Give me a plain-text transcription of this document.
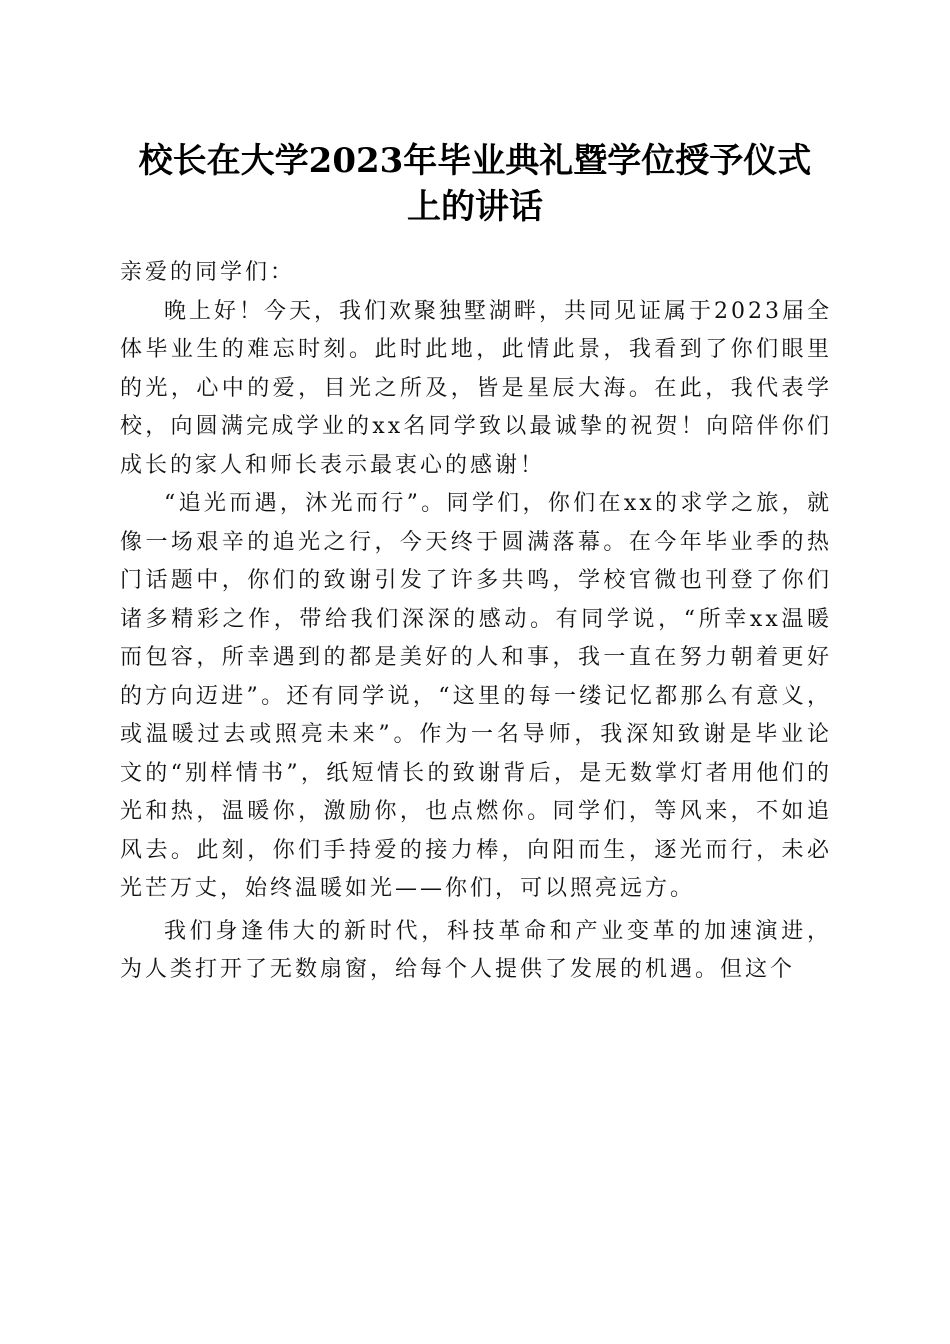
校长在大学2023年毕业典礼暨学位授予仪式
上的讲话

亲爱的同学们：

晚上好！今天，我们欢聚独墅湖畔，共同见证属于2023届全体毕业生的难忘时刻。此时此地，此情此景，我看到了你们眼里的光，心中的爱，目光之所及，皆是星辰大海。在此，我代表学校，向圆满完成学业的xx名同学致以最诚挚的祝贺！向陪伴你们成长的家人和师长表示最衷心的感谢！

“追光而遇，沐光而行”。同学们，你们在xx的求学之旅，就像一场艰辛的追光之行，今天终于圆满落幕。在今年毕业季的热门话题中，你们的致谢引发了许多共鸣，学校官微也刊登了你们诸多精彩之作，带给我们深深的感动。有同学说，“所幸xx温暖而包容，所幸遇到的都是美好的人和事，我一直在努力朝着更好的方向迈进”。还有同学说，“这里的每一缕记忆都那么有意义，或温暖过去或照亮未来”。作为一名导师，我深知致谢是毕业论文的“别样情书”，纸短情长的致谢背后，是无数掌灯者用他们的光和热，温暖你，激励你，也点燃你。同学们，等风来，不如追风去。此刻，你们手持爱的接力棒，向阳而生，逐光而行，未必光芒万丈，始终温暖如光——你们，可以照亮远方。

我们身逢伟大的新时代，科技革命和产业变革的加速演进，为人类打开了无数扇窗，给每个人提供了发展的机遇。但这个
